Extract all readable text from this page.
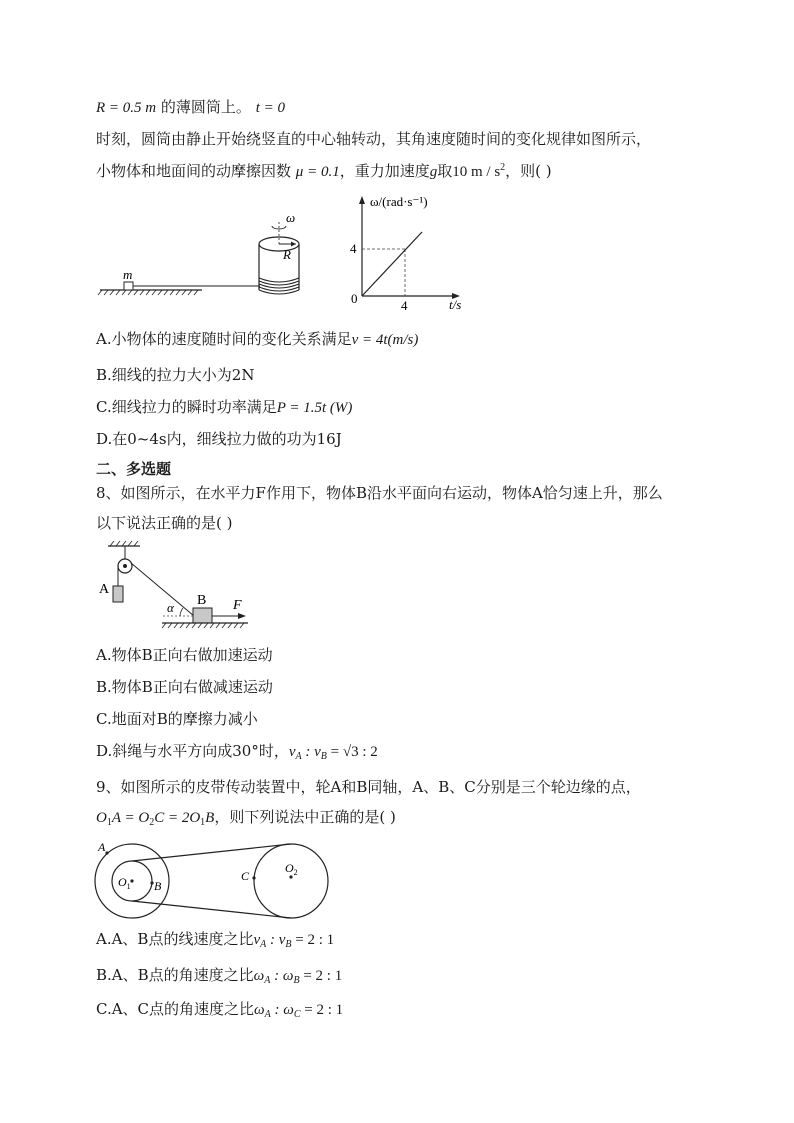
R = 0.5 m 的薄圆筒上。 t = 0
时刻，圆筒由静止开始绕竖直的中心轴转动，其角速度随时间的变化规律如图所示，
小物体和地面间的动摩擦因数 μ = 0.1，重力加速度g取10 m / $s^2$，则( )
m
ω
R
ω/(rad·s⁻¹)
t/s
4
4
0
A.小物体的速度随时间的变化关系满足v = 4t(m/s)
B.细线的拉力大小为2N
C.细线拉力的瞬时功率满足P = 1.5t (W)
D.在0~4s内，细线拉力做的功为16J
二、多选题
8、如图所示，在水平力F作用下，物体B沿水平面向右运动，物体A恰匀速上升，那么
以下说法正确的是( )
A
B
α	F
A.物体B正向右做加速运动
B.物体B正向右做减速运动
C.地面对B的摩擦力减小
D.斜绳与水平方向成30°时，$v_A$ : $v_B = √3$ : 2
9、如图所示的皮带传动装置中，轮A和B同轴，A、B、C分别是三个轮边缘的点，
$O_1A = O_2C = 2O_1B$，则下列说法中正确的是( )
A
B
C
$O_1$
$O_2$
A.A、B点的线速度之比$v_A$ : $v_B = 2$ : 1
B.A、B点的角速度之比$\omega_A$ : $\omega_B = 2$ : 1
C.A、C点的角速度之比$\omega_A$ : $\omega_C = 2$ : 1
